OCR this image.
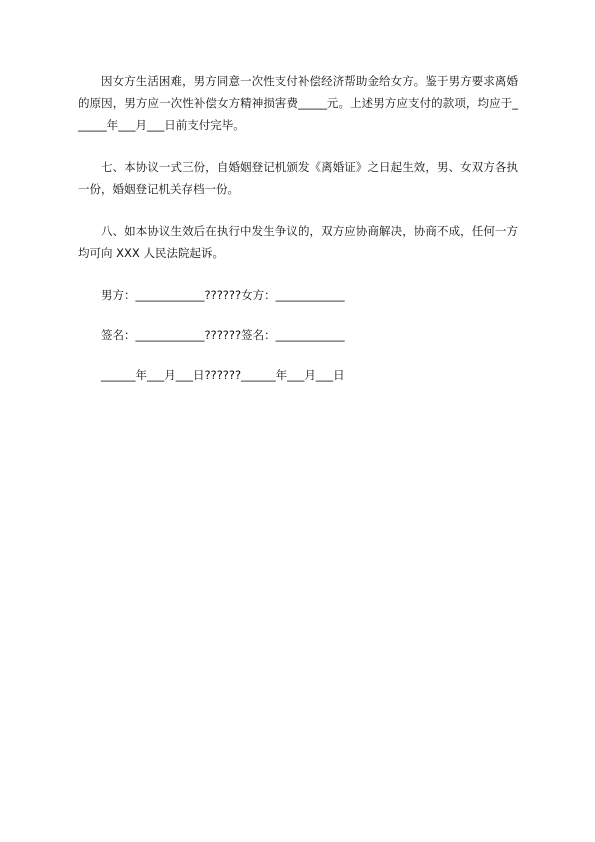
因女方生活困难，男方同意一次性支付补偿经济帮助金给女方。鉴于男方要求离婚的原因，男方应一次性补偿女方精神损害费_____元。上述男方应支付的款项，均应于______年___月___日前支付完毕。

七、本协议一式三份，自婚姻登记机颁发《离婚证》之日起生效，男、女双方各执一份，婚姻登记机关存档一份。

八、如本协议生效后在执行中发生争议的，双方应协商解决，协商不成，任何一方均可向 XXX 人民法院起诉。

男方：____________??????女方：____________
签名：____________??????签名：____________
______年___月___日??????______年___月___日
